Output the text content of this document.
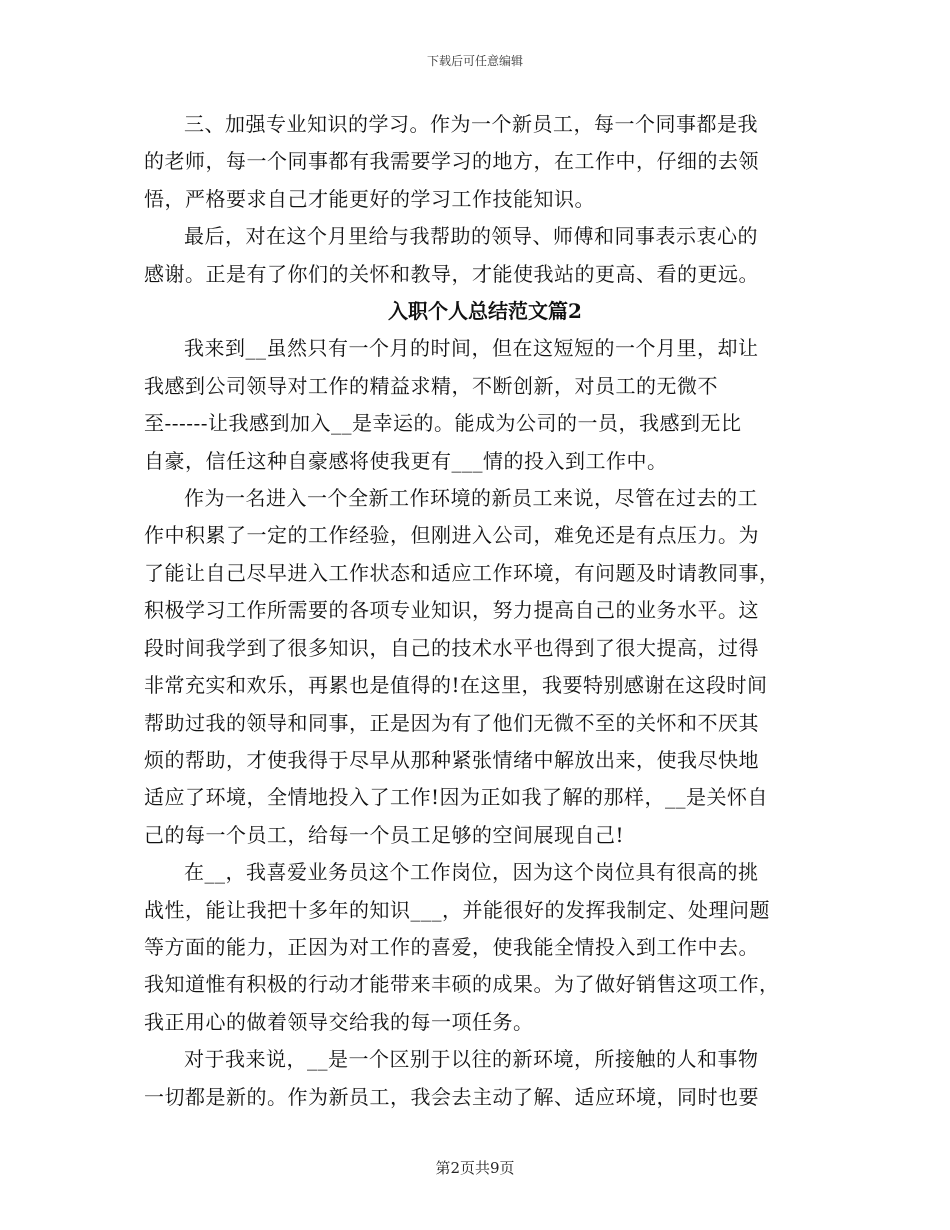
下载后可任意编辑

三、加强专业知识的学习。作为一个新员工，每一个同事都是我
的老师，每一个同事都有我需要学习的地方，在工作中，仔细的去领
悟，严格要求自己才能更好的学习工作技能知识。

最后，对在这个月里给与我帮助的领导、师傅和同事表示衷心的
感谢。正是有了你们的关怀和教导，才能使我站的更高、看的更远。

入职个人总结范文篇2

我来到__虽然只有一个月的时间，但在这短短的一个月里，却让
我感到公司领导对工作的精益求精，不断创新，对员工的无微不
至------让我感到加入__是幸运的。能成为公司的一员，我感到无比
自豪，信任这种自豪感将使我更有___情的投入到工作中。

作为一名进入一个全新工作环境的新员工来说，尽管在过去的工
作中积累了一定的工作经验，但刚进入公司，难免还是有点压力。为
了能让自己尽早进入工作状态和适应工作环境，有问题及时请教同事，
积极学习工作所需要的各项专业知识，努力提高自己的业务水平。这
段时间我学到了很多知识，自己的技术水平也得到了很大提高，过得
非常充实和欢乐，再累也是值得的!在这里，我要特别感谢在这段时间
帮助过我的领导和同事，正是因为有了他们无微不至的关怀和不厌其
烦的帮助，才使我得于尽早从那种紧张情绪中解放出来，使我尽快地
适应了环境，全情地投入了工作!因为正如我了解的那样，__是关怀自
己的每一个员工，给每一个员工足够的空间展现自己!

在__，我喜爱业务员这个工作岗位，因为这个岗位具有很高的挑
战性，能让我把十多年的知识___，并能很好的发挥我制定、处理问题
等方面的能力，正因为对工作的喜爱，使我能全情投入到工作中去。
我知道惟有积极的行动才能带来丰硕的成果。为了做好销售这项工作，
我正用心的做着领导交给我的每一项任务。

对于我来说，__是一个区别于以往的新环境，所接触的人和事物
一切都是新的。作为新员工，我会去主动了解、适应环境，同时也要

第2页共9页
